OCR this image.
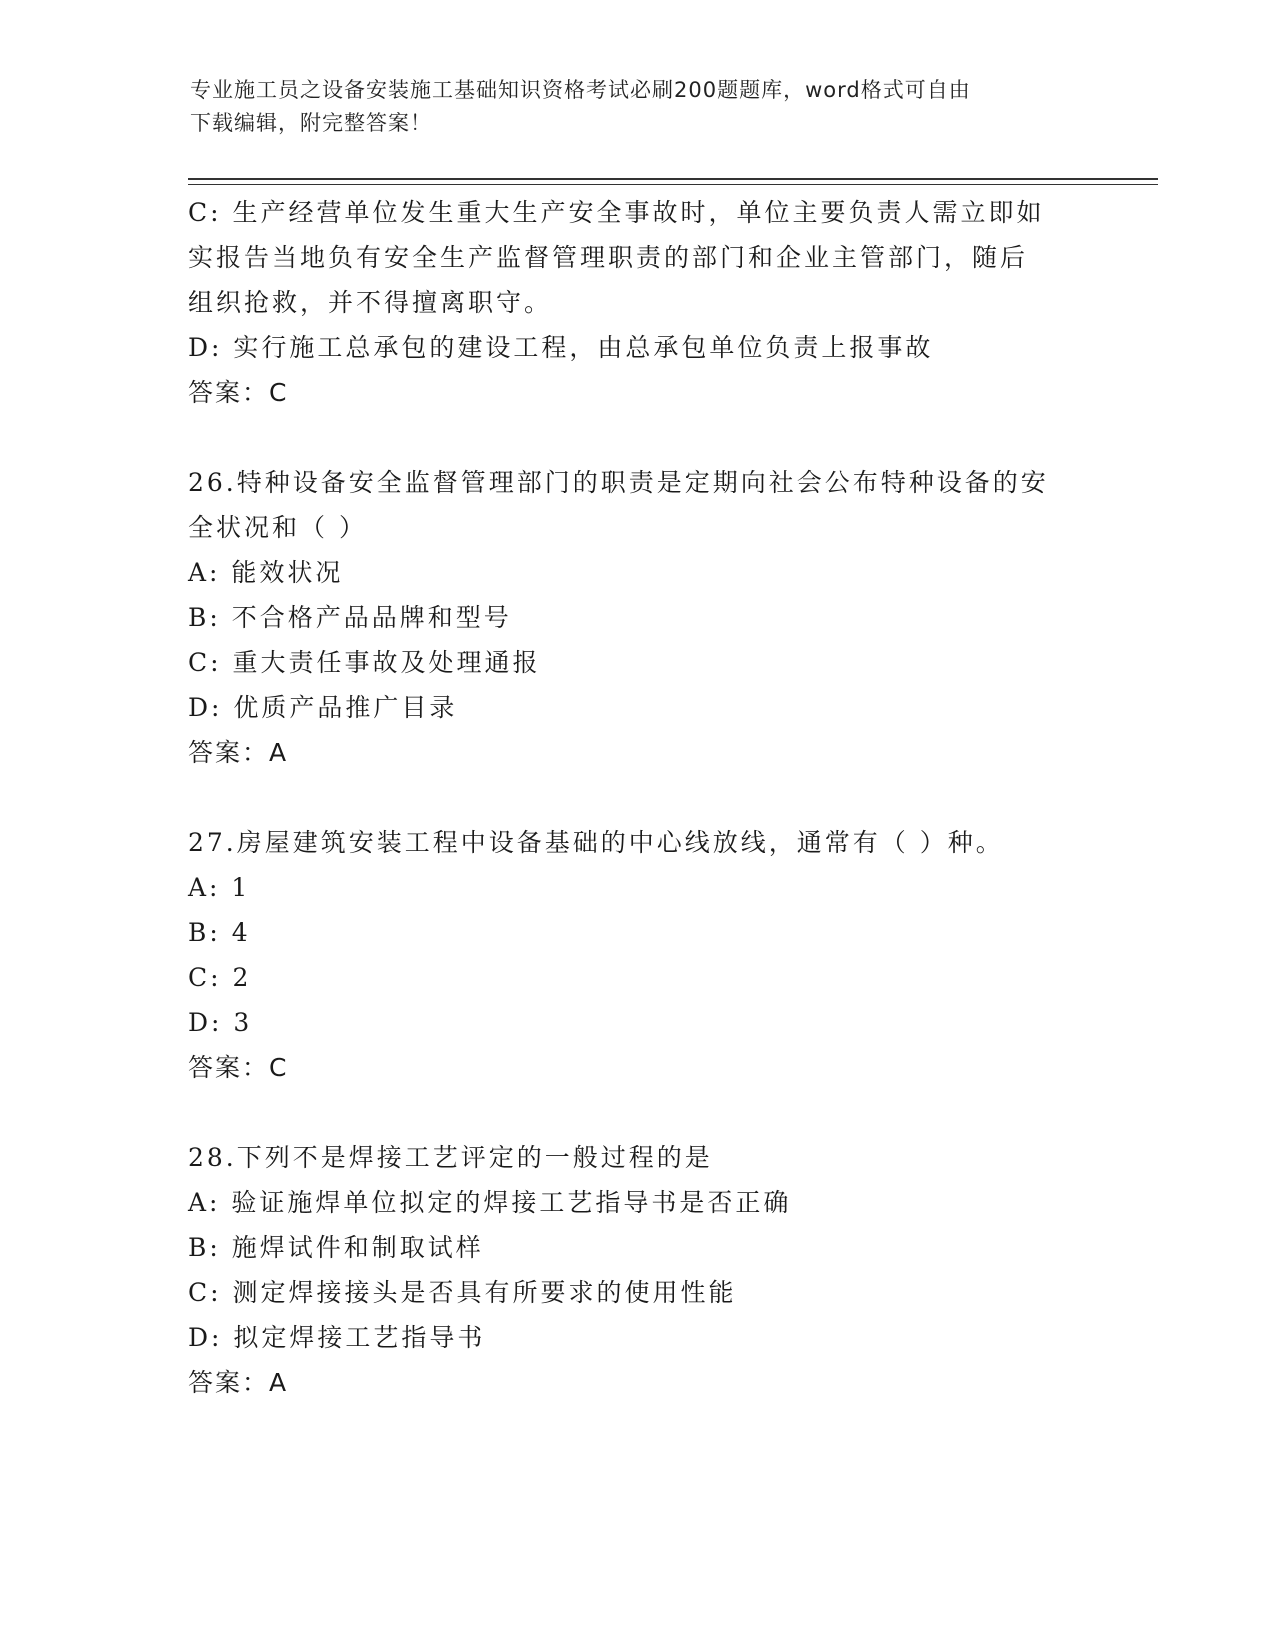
专业施工员之设备安装施工基础知识资格考试必刷200题题库，word格式可自由
下载编辑，附完整答案！
C: 生产经营单位发生重大生产安全事故时，单位主要负责人需立即如
实报告当地负有安全生产监督管理职责的部门和企业主管部门，随后
组织抢救，并不得擅离职守。
D: 实行施工总承包的建设工程，由总承包单位负责上报事故
答案：C
26.特种设备安全监督管理部门的职责是定期向社会公布特种设备的安
全状况和（ ）
A: 能效状况
B: 不合格产品品牌和型号
C: 重大责任事故及处理通报
D: 优质产品推广目录
答案：A
27.房屋建筑安装工程中设备基础的中心线放线，通常有（ ）种。
A: 1
B: 4
C: 2
D: 3
答案：C
28.下列不是焊接工艺评定的一般过程的是
A: 验证施焊单位拟定的焊接工艺指导书是否正确
B: 施焊试件和制取试样
C: 测定焊接接头是否具有所要求的使用性能
D: 拟定焊接工艺指导书
答案：A
